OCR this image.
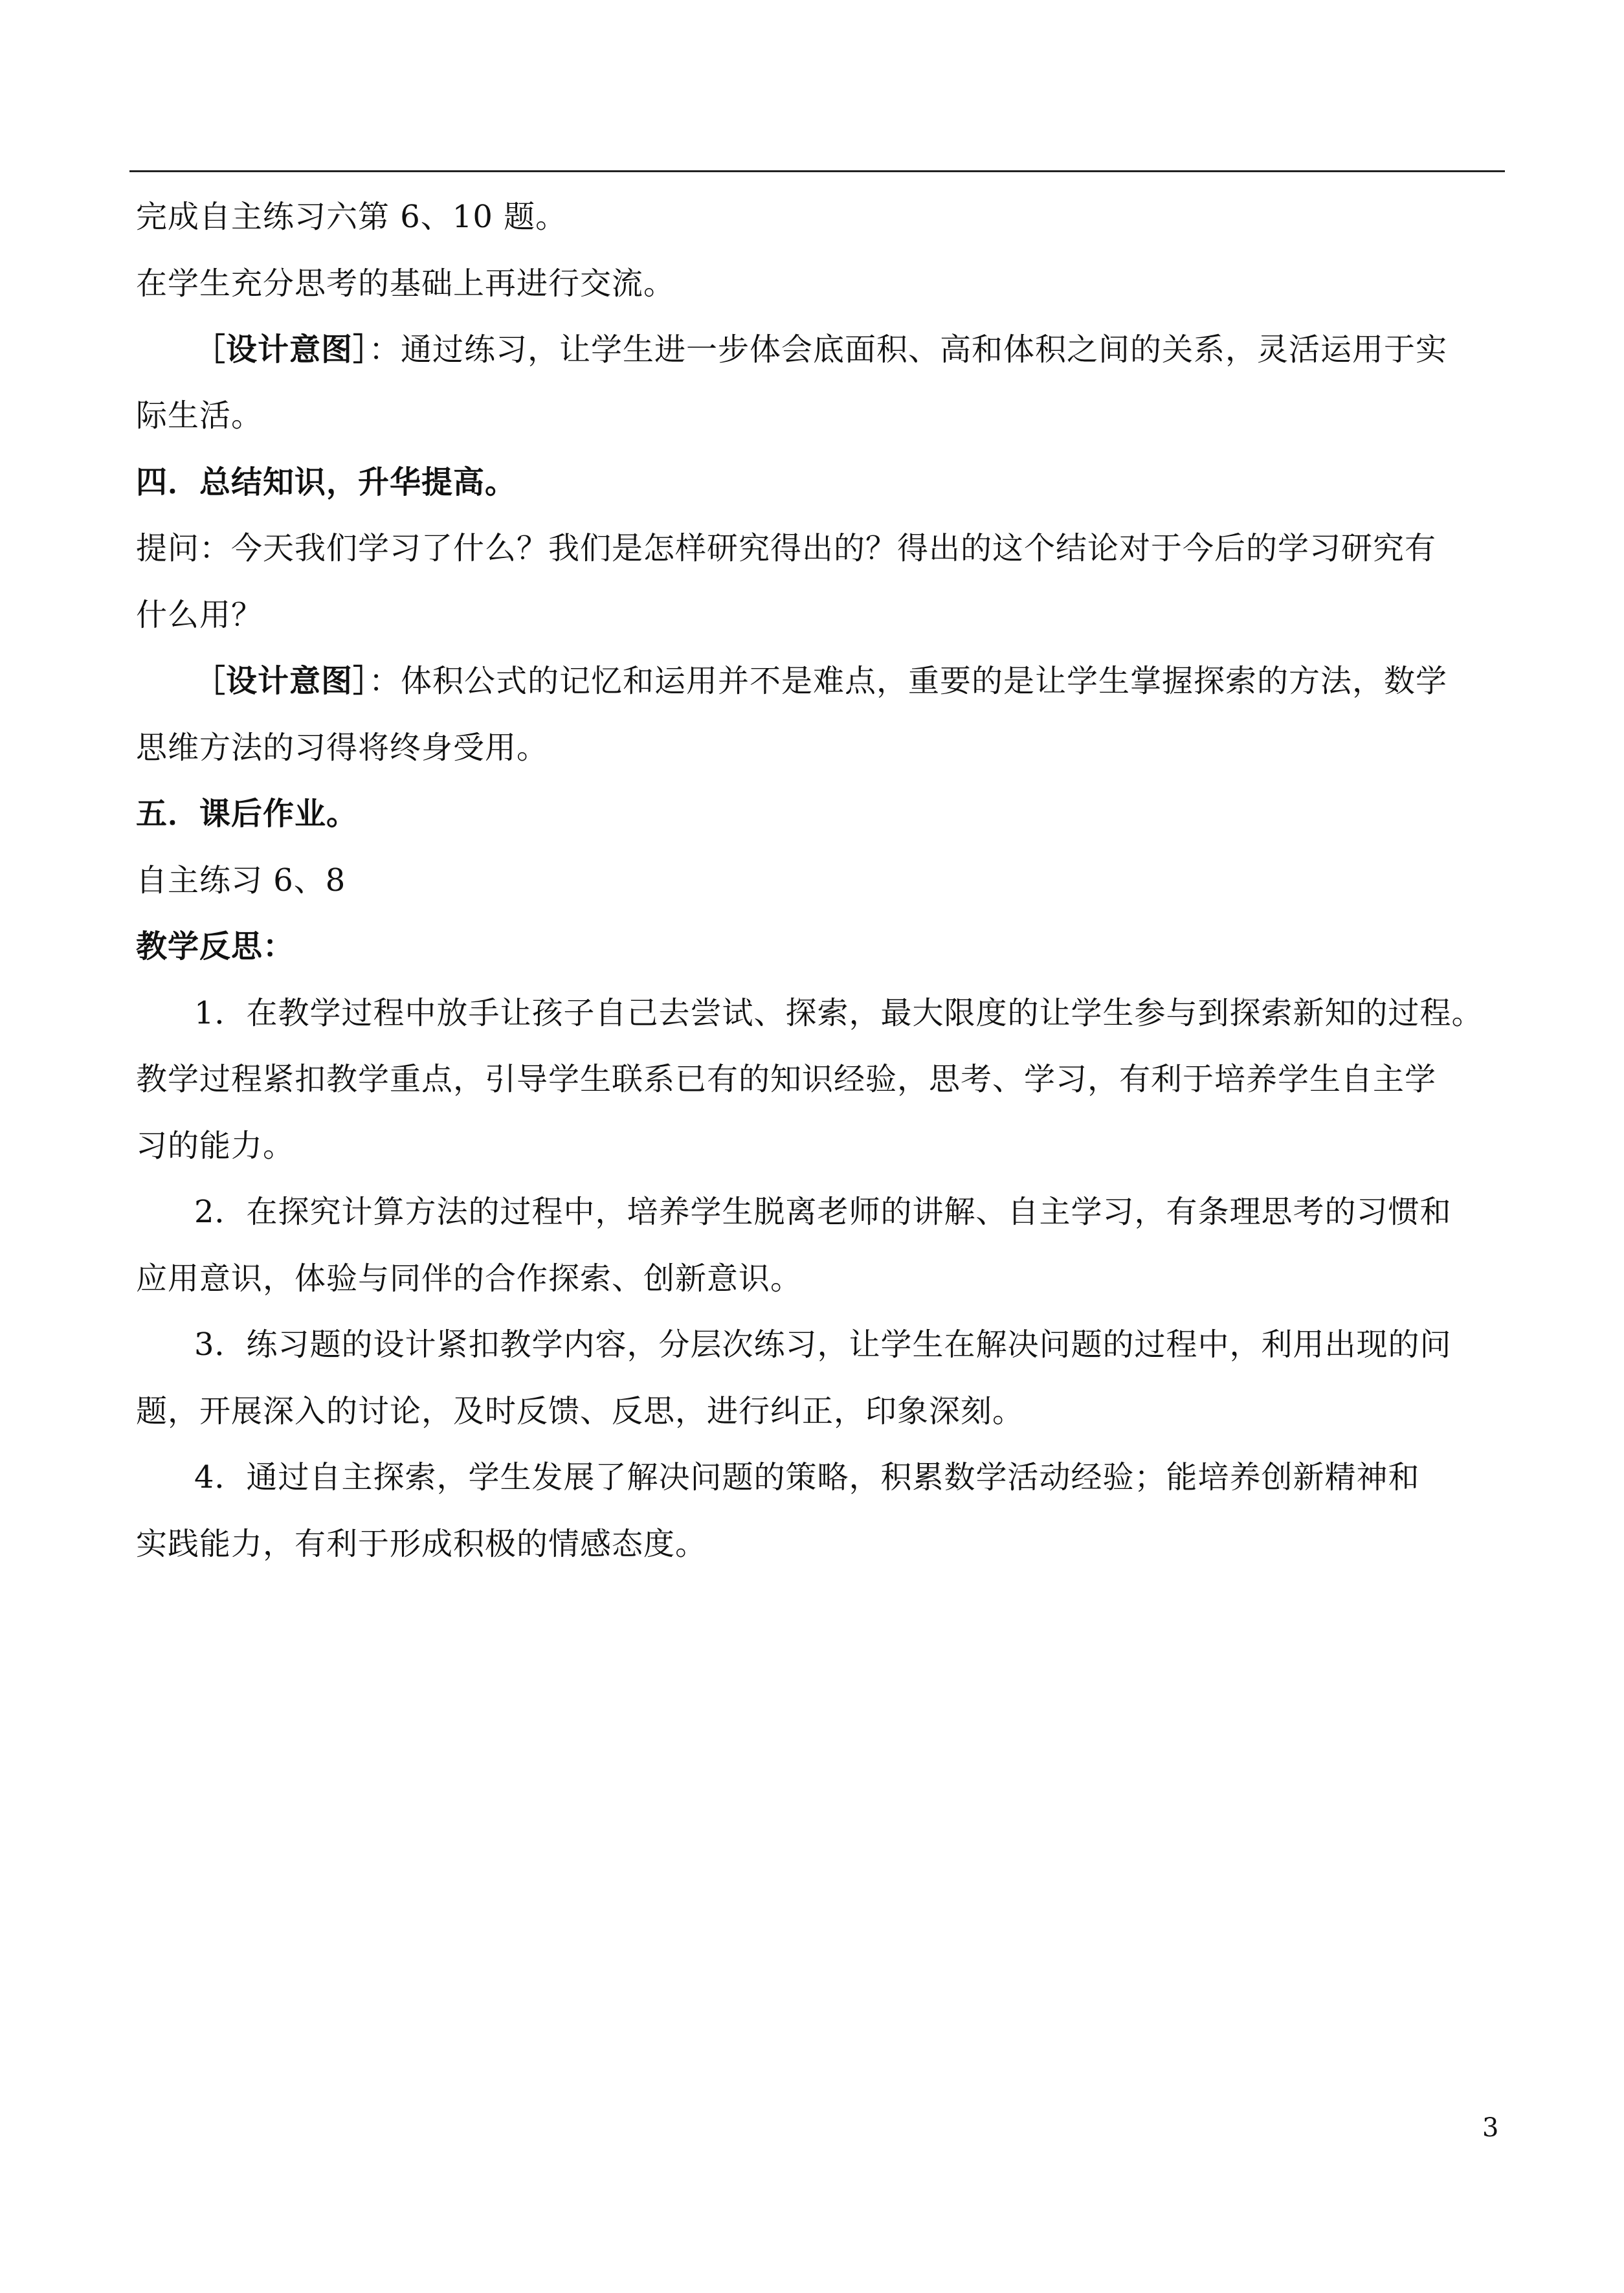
完成自主练习六第 6、10 题。
在学生充分思考的基础上再进行交流。
［设计意图］：通过练习，让学生进一步体会底面积、高和体积之间的关系，灵活运用于实
际生活。
四．总结知识，升华提高。
提问：今天我们学习了什么？我们是怎样研究得出的？得出的这个结论对于今后的学习研究有
什么用？
［设计意图］：体积公式的记忆和运用并不是难点，重要的是让学生掌握探索的方法，数学
思维方法的习得将终身受用。
五．课后作业。
自主练习 6、8
教学反思：
1．在教学过程中放手让孩子自己去尝试、探索，最大限度的让学生参与到探索新知的过程。
教学过程紧扣教学重点，引导学生联系已有的知识经验，思考、学习，有利于培养学生自主学
习的能力。
2．在探究计算方法的过程中，培养学生脱离老师的讲解、自主学习，有条理思考的习惯和
应用意识，体验与同伴的合作探索、创新意识。
3．练习题的设计紧扣教学内容，分层次练习，让学生在解决问题的过程中，利用出现的问
题，开展深入的讨论，及时反馈、反思，进行纠正，印象深刻。
4．通过自主探索，学生发展了解决问题的策略，积累数学活动经验；能培养创新精神和
实践能力，有利于形成积极的情感态度。
3
